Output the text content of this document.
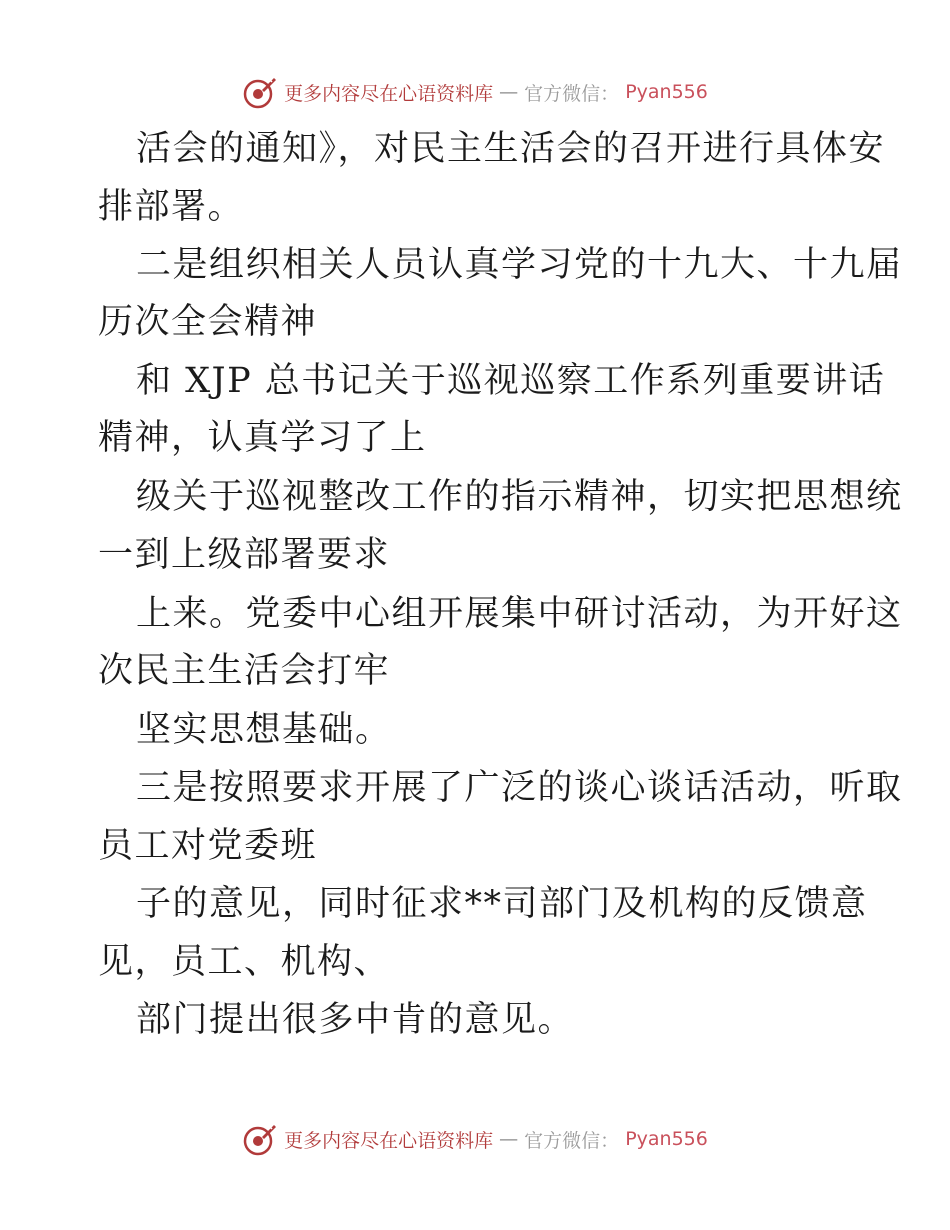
更多内容尽在心语资料库 — 官方微信： Pyan556
活会的通知》，对民主生活会的召开进行具体安
排部署。
二是组织相关人员认真学习党的十九大、十九届
历次全会精神
和 XJP 总书记关于巡视巡察工作系列重要讲话
精神，认真学习了上
级关于巡视整改工作的指示精神，切实把思想统
一到上级部署要求
上来。党委中心组开展集中研讨活动，为开好这
次民主生活会打牢
坚实思想基础。
三是按照要求开展了广泛的谈心谈话活动，听取
员工对党委班
子的意见，同时征求**司部门及机构的反馈意
见，员工、机构、
部门提出很多中肯的意见。
更多内容尽在心语资料库 — 官方微信： Pyan556
